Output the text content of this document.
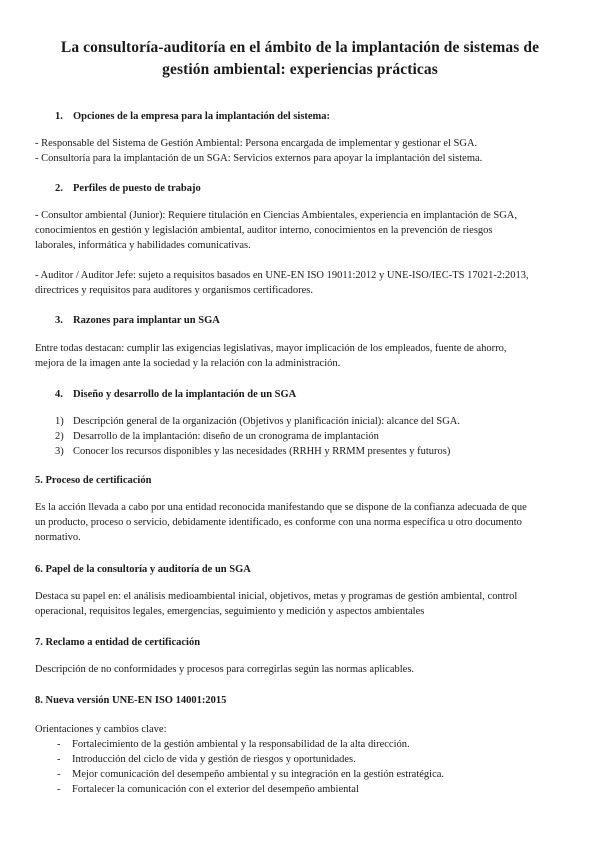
La consultoría-auditoría en el ámbito de la implantación de sistemas de
gestión ambiental: experiencias prácticas
1. Opciones de la empresa para la implantación del sistema:
- Responsable del Sistema de Gestión Ambiental: Persona encargada de implementar y gestionar el SGA.
- Consultoría para la implantación de un SGA: Servicios externos para apoyar la implantación del sistema.
2. Perfiles de puesto de trabajo
- Consultor ambiental (Junior): Requiere titulación en Ciencias Ambientales, experiencia en implantación de SGA,
conocimientos en gestión y legislación ambiental, auditor interno, conocimientos en la prevención de riesgos
laborales, informática y habilidades comunicativas.
- Auditor / Auditor Jefe: sujeto a requisitos basados en UNE-EN ISO 19011:2012 y UNE-ISO/IEC-TS 17021-2:2013,
directrices y requisitos para auditores y organismos certificadores.
3. Razones para implantar un SGA
Entre todas destacan: cumplir las exigencias legislativas, mayor implicación de los empleados, fuente de ahorro,
mejora de la imagen ante la sociedad y la relación con la administración.
4. Diseño y desarrollo de la implantación de un SGA
1) Descripción general de la organización (Objetivos y planificación inicial): alcance del SGA.
2) Desarrollo de la implantación: diseño de un cronograma de implantación
3) Conocer los recursos disponibles y las necesidades (RRHH y RRMM presentes y futuros)
5. Proceso de certificación
Es la acción llevada a cabo por una entidad reconocida manifestando que se dispone de la confianza adecuada de que
un producto, proceso o servicio, debidamente identificado, es conforme con una norma específica u otro documento
normativo.
6. Papel de la consultoría y auditoría de un SGA
Destaca su papel en: el análisis medioambiental inicial, objetivos, metas y programas de gestión ambiental, control
operacional, requisitos legales, emergencias, seguimiento y medición y aspectos ambientales
7. Reclamo a entidad de certificación
Descripción de no conformidades y procesos para corregirlas según las normas aplicables.
8. Nueva versión UNE-EN ISO 14001:2015
Orientaciones y cambios clave:
- Fortalecimiento de la gestión ambiental y la responsabilidad de la alta dirección.
- Introducción del ciclo de vida y gestión de riesgos y oportunidades.
- Mejor comunicación del desempeño ambiental y su integración en la gestión estratégica.
- Fortalecer la comunicación con el exterior del desempeño ambiental
